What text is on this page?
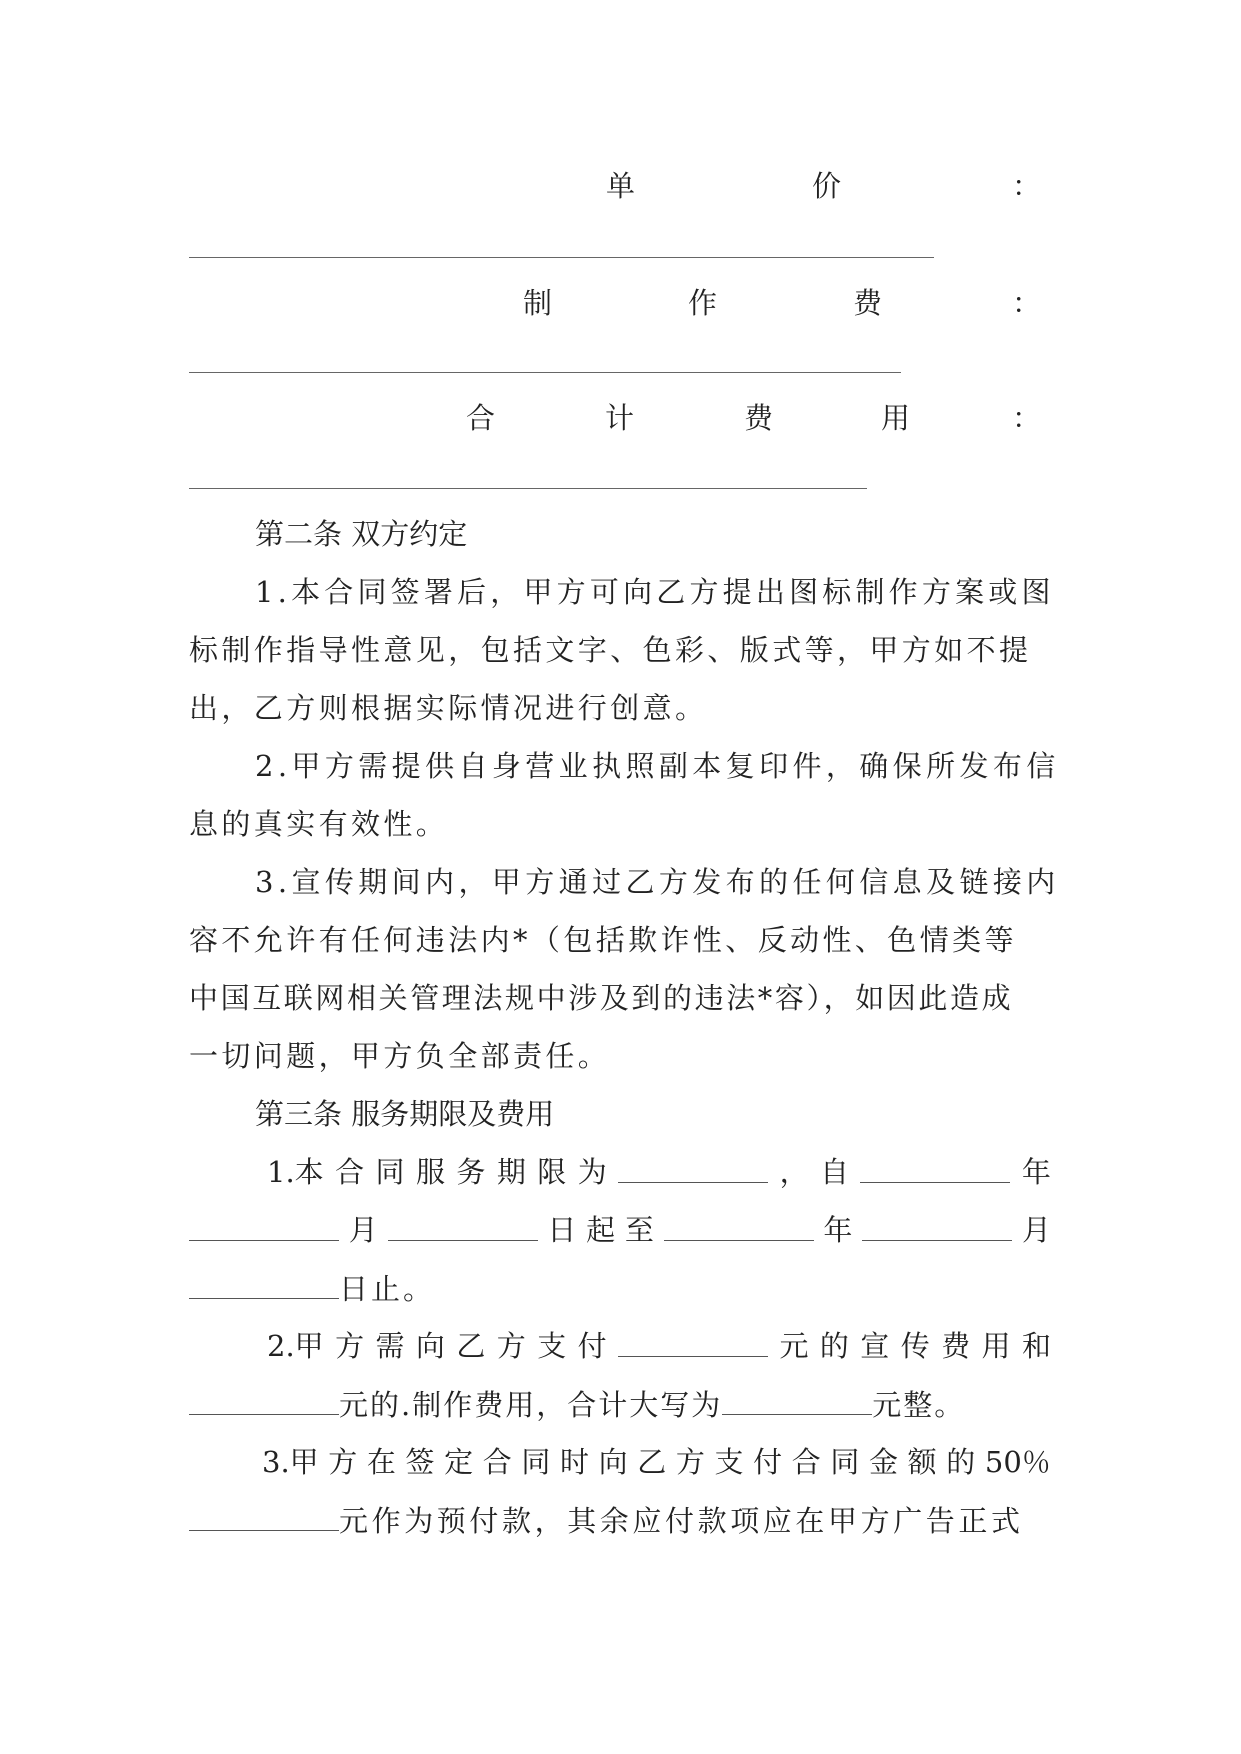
单	价	：
制	作	费	：
合	计	费	用	：
第二条 双方约定
1.本合同签署后，甲方可向乙方提出图标制作方案或图
标制作指导性意见，包括文字、色彩、版式等，甲方如不提
出，乙方则根据实际情况进行创意。
2.甲方需提供自身营业执照副本复印件，确保所发布信
息的真实有效性。
3.宣传期间内，甲方通过乙方发布的任何信息及链接内
容不允许有任何违法内*（包括欺诈性、反动性、色情类等
中国互联网相关管理法规中涉及到的违法*容），如因此造成
一切问题，甲方负全部责任。
第三条 服务期限及费用
1.本 合 同 服 务 期 限 为	， 自	年
月	日 起 至	年	月
日止。
2.甲 方 需 向 乙 方 支 付	元 的 宣 传 费 用 和
元的.制作费用，合计大写为	元整。
3.甲 方 在 签 定 合 同 时 向 乙 方 支 付 合 同 金 额 的 50％
元作为预付款，其余应付款项应在甲方广告正式
